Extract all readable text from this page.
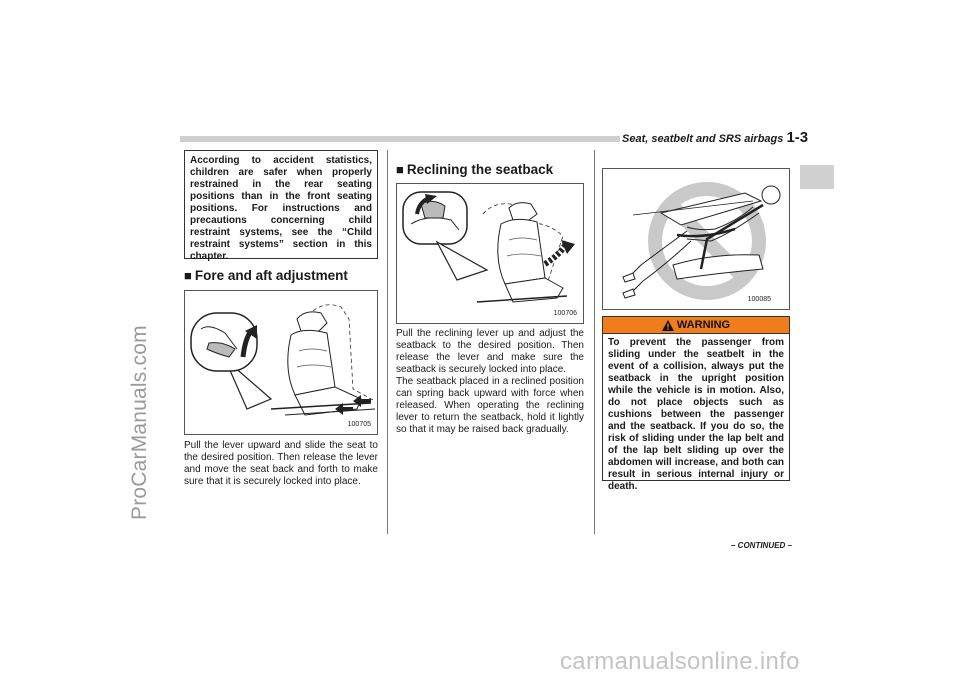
ProCarManuals.com
carmanualsonline.info
Seat, seatbelt and SRS airbags 1-3
According to accident statistics, children are safer when properly restrained in the rear seating positions than in the front seating positions. For instructions and precautions concerning child restraint systems, see the “Child restraint systems” section in this chapter.
■ Fore and aft adjustment
100705
Pull the lever upward and slide the seat to the desired position. Then release the lever and move the seat back and forth to make sure that it is securely locked into place.
■ Reclining the seatback
100706
Pull the reclining lever up and adjust the seatback to the desired position. Then release the lever and make sure the seatback is securely locked into place.
The seatback placed in a reclined position can spring back upward with force when released. When operating the reclining lever to return the seatback, hold it lightly so that it may be raised back gradually.
100085
WARNING
To prevent the passenger from sliding under the seatbelt in the event of a collision, always put the seatback in the upright position while the vehicle is in motion. Also, do not place objects such as cushions between the passenger and the seatback. If you do so, the risk of sliding under the lap belt and of the lap belt sliding up over the abdomen will increase, and both can result in serious internal injury or death.
– CONTINUED –
